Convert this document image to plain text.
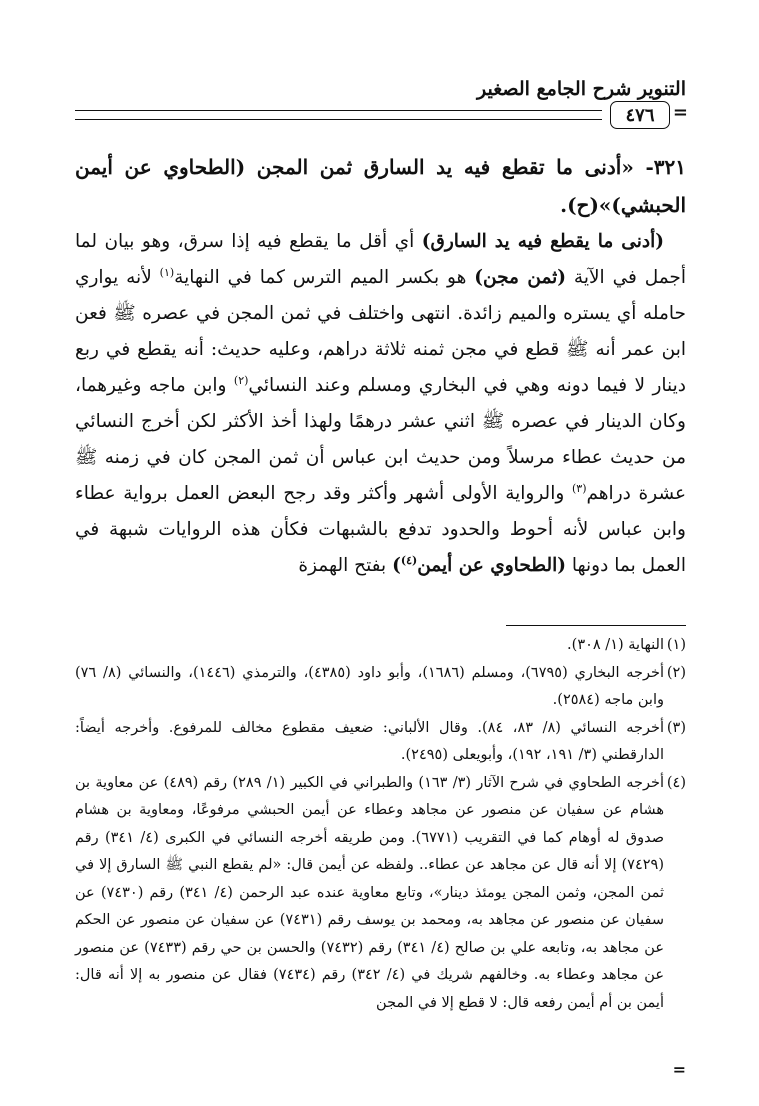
التنوير شرح الجامع الصغير
٤٧٦ =

٣٢١- «أدنى ما تقطع فيه يد السارق ثمن المجن (الطحاوي عن أيمن الحبشي)»(ح).

(أدنى ما يقطع فيه يد السارق) أي أقل ما يقطع فيه إذا سرق، وهو بيان لما أجمل في الآية (ثمن مجن) هو بكسر الميم الترس كما في النهاية$^{(١)}$ لأنه يواري حامله أي يستره والميم زائدة. انتهى واختلف في ثمن المجن في عصره ﷺ فعن ابن عمر أنه ﷺ قطع في مجن ثمنه ثلاثة دراهم، وعليه حديث: أنه يقطع في ربع دينار لا فيما دونه وهي في البخاري ومسلم وعند النسائي$^{(٢)}$ وابن ماجه وغيرهما، وكان الدينار في عصره ﷺ اثني عشر درهمًا ولهذا أخذ الأكثر لكن أخرج النسائي من حديث عطاء مرسلاً ومن حديث ابن عباس أن ثمن المجن كان في زمنه ﷺ عشرة دراهم$^{(٣)}$ والرواية الأولى أشهر وأكثر وقد رجح البعض العمل برواية عطاء وابن عباس لأنه أحوط والحدود تدفع بالشبهات فكأن هذه الروايات شبهة في العمل بما دونها (الطحاوي عن أيمن$^{(٤)}$) بفتح الهمزة

(١)
النهاية (١/ ٣٠٨).

(٢)
أخرجه البخاري (٦٧٩٥)، ومسلم (١٦٨٦)، وأبو داود (٤٣٨٥)، والترمذي (١٤٤٦)، والنسائي (٨/ ٧٦) وابن ماجه (٢٥٨٤).

(٣)
أخرجه النسائي (٨/ ٨٣، ٨٤). وقال الألباني: ضعيف مقطوع مخالف للمرفوع. وأخرجه أيضاً: الدارقطني (٣/ ١٩١، ١٩٢)، وأبويعلى (٢٤٩٥).

(٤)
أخرجه الطحاوي في شرح الآثار (٣/ ١٦٣) والطبراني في الكبير (١/ ٢٨٩) رقم (٤٨٩) عن معاوية بن هشام عن سفيان عن منصور عن مجاهد وعطاء عن أيمن الحبشي مرفوعًا، ومعاوية بن هشام صدوق له أوهام كما في التقريب (٦٧٧١). ومن طريقه أخرجه النسائي في الكبرى (٤/ ٣٤١) رقم (٧٤٢٩) إلا أنه قال عن مجاهد عن عطاء.. ولفظه عن أيمن قال: «لم يقطع النبي ﷺ السارق إلا في ثمن المجن، وثمن المجن يومئذ دينار»، وتابع معاوية عنده عبد الرحمن (٤/ ٣٤١) رقم (٧٤٣٠) عن سفيان عن منصور عن مجاهد به، ومحمد بن يوسف رقم (٧٤٣١) عن سفيان عن منصور عن الحكم عن مجاهد به، وتابعه علي بن صالح (٤/ ٣٤١) رقم (٧٤٣٢) والحسن بن حي رقم (٧٤٣٣) عن منصور عن مجاهد وعطاء به. وخالفهم شريك في (٤/ ٣٤٢) رقم (٧٤٣٤) فقال عن منصور به إلا أنه قال: أيمن بن أم أيمن رفعه قال: لا قطع إلا في المجن

=
